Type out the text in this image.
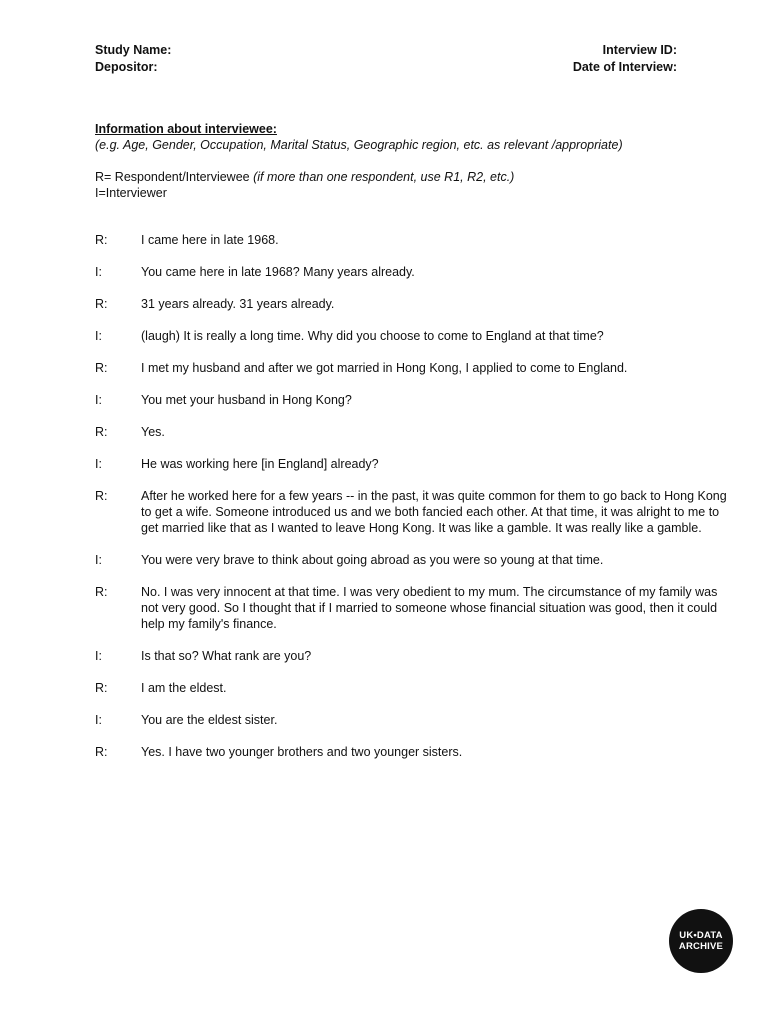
Study Name:	Interview ID:
Depositor:	Date of Interview:
Information about interviewee:
(e.g. Age, Gender, Occupation, Marital Status, Geographic region, etc. as relevant /appropriate)
R= Respondent/Interviewee (if more than one respondent, use R1, R2, etc.)
I=Interviewer
R:	I came here in late 1968.
I:	You came here in late 1968? Many years already.
R:	31 years already. 31 years already.
I:	(laugh) It is really a long time. Why did you choose to come to England at that time?
R:	I met my husband and after we got married in Hong Kong, I applied to come to England.
I:	You met your husband in Hong Kong?
R:	Yes.
I:	He was working here [in England] already?
R:	After he worked here for a few years -- in the past, it was quite common for them to go back to Hong Kong to get a wife. Someone introduced us and we both fancied each other. At that time, it was alright to me to get married like that as I wanted to leave Hong Kong. It was like a gamble. It was really like a gamble.
I:	You were very brave to think about going abroad as you were so young at that time.
R:	No. I was very innocent at that time. I was very obedient to my mum. The circumstance of my family was not very good. So I thought that if I married to someone whose financial situation was good, then it could help my family's finance.
I:	Is that so? What rank are you?
R:	I am the eldest.
I:	You are the eldest sister.
R:	Yes. I have two younger brothers and two younger sisters.
UK•DATA
ARCHIVE
